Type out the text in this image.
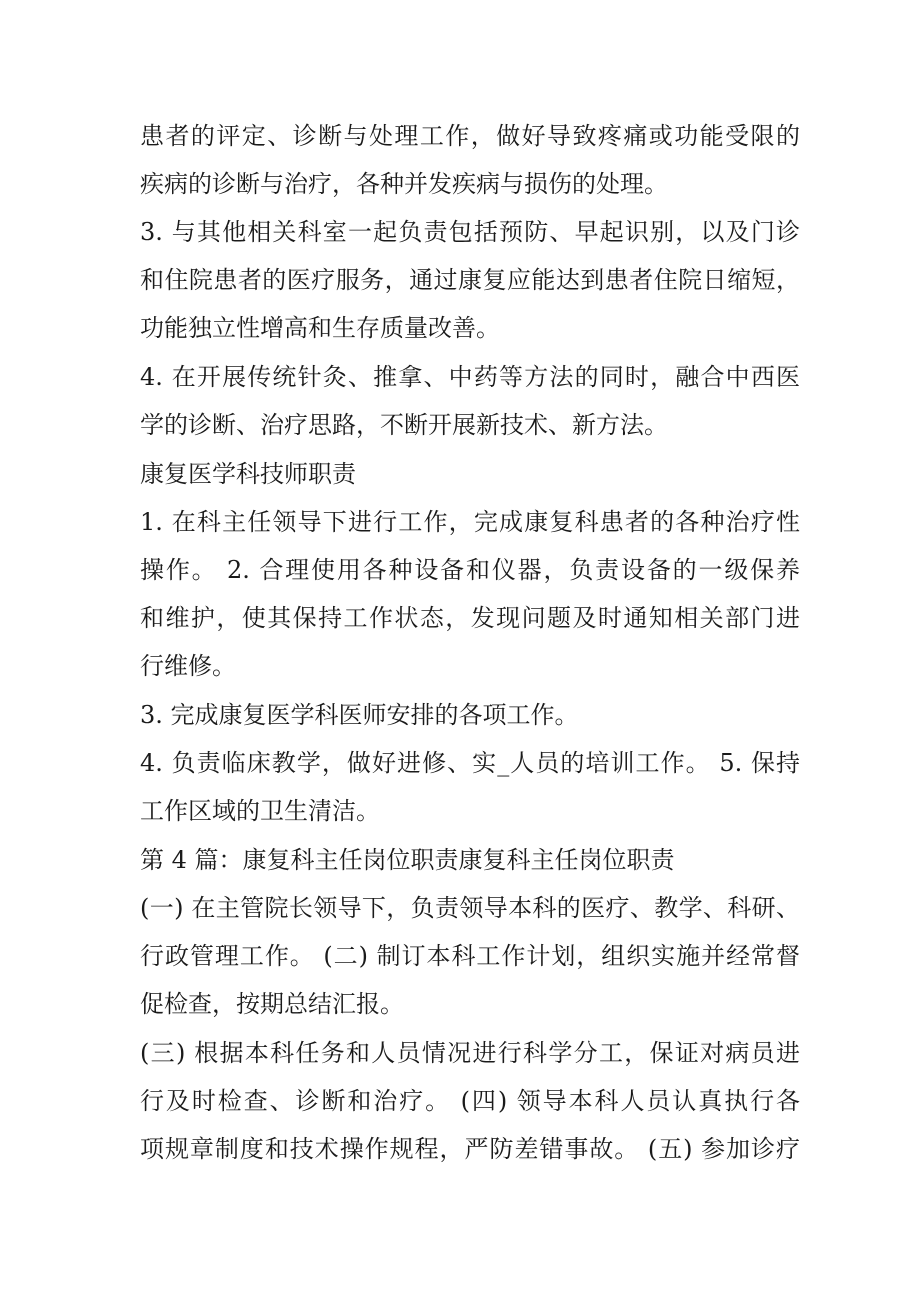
患者的评定、诊断与处理工作，做好导致疼痛或功能受限的

疾病的诊断与治疗，各种并发疾病与损伤的处理。

3. 与其他相关科室一起负责包括预防、早起识别，以及门诊

和住院患者的医疗服务，通过康复应能达到患者住院日缩短，

功能独立性增高和生存质量改善。

4. 在开展传统针灸、推拿、中药等方法的同时，融合中西医

学的诊断、治疗思路，不断开展新技术、新方法。

康复医学科技师职责

1. 在科主任领导下进行工作，完成康复科患者的各种治疗性

操作。 2. 合理使用各种设备和仪器，负责设备的一级保养

和维护，使其保持工作状态，发现问题及时通知相关部门进

行维修。

3. 完成康复医学科医师安排的各项工作。

4. 负责临床教学，做好进修、实_人员的培训工作。 5. 保持

工作区域的卫生清洁。

第 4 篇：康复科主任岗位职责康复科主任岗位职责

(一) 在主管院长领导下，负责领导本科的医疗、教学、科研、

行政管理工作。 (二) 制订本科工作计划，组织实施并经常督

促检查，按期总结汇报。

(三) 根据本科任务和人员情况进行科学分工，保证对病员进

行及时检查、诊断和治疗。 (四) 领导本科人员认真执行各

项规章制度和技术操作规程，严防差错事故。 (五) 参加诊疗
